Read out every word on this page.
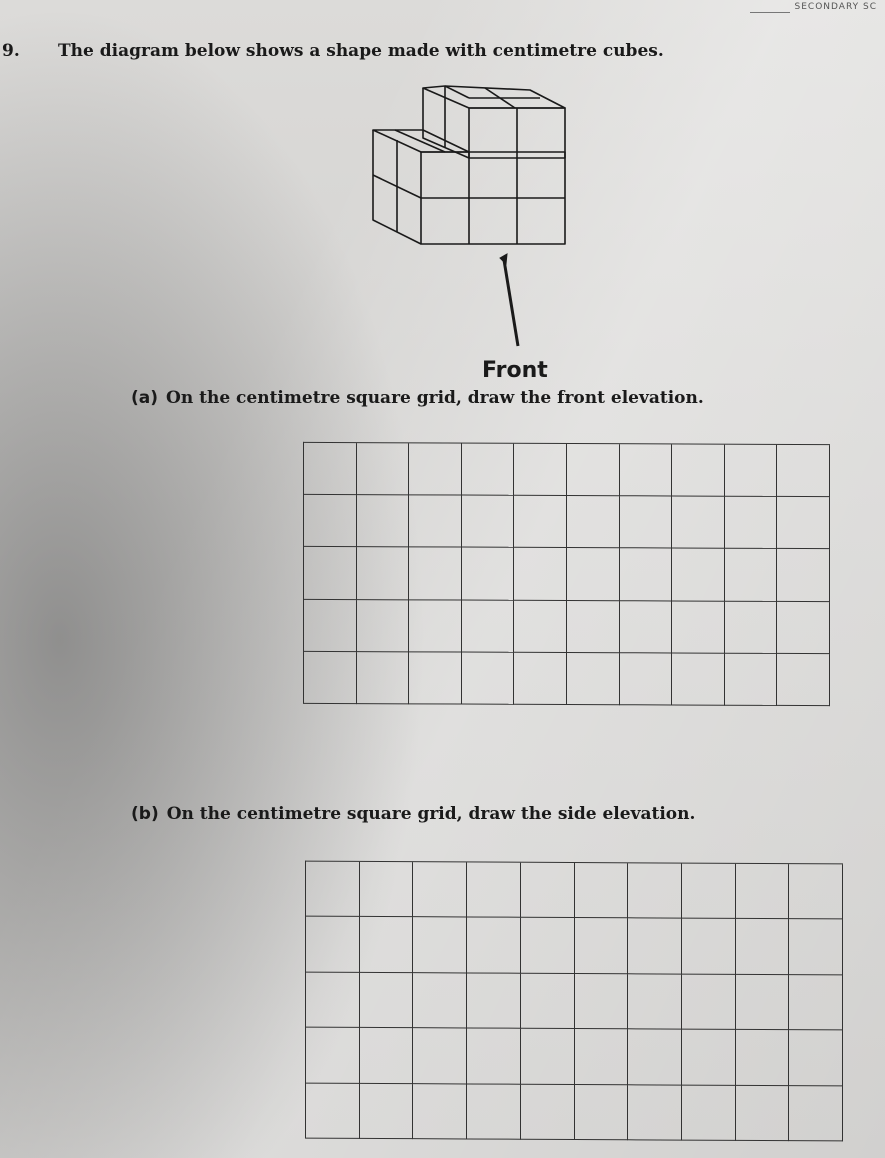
SECONDARY SC
9. The diagram below shows a shape made with centimetre cubes.
Front
(a) On the centimetre square grid, draw the front elevation.
(b) On the centimetre square grid, draw the side elevation.
